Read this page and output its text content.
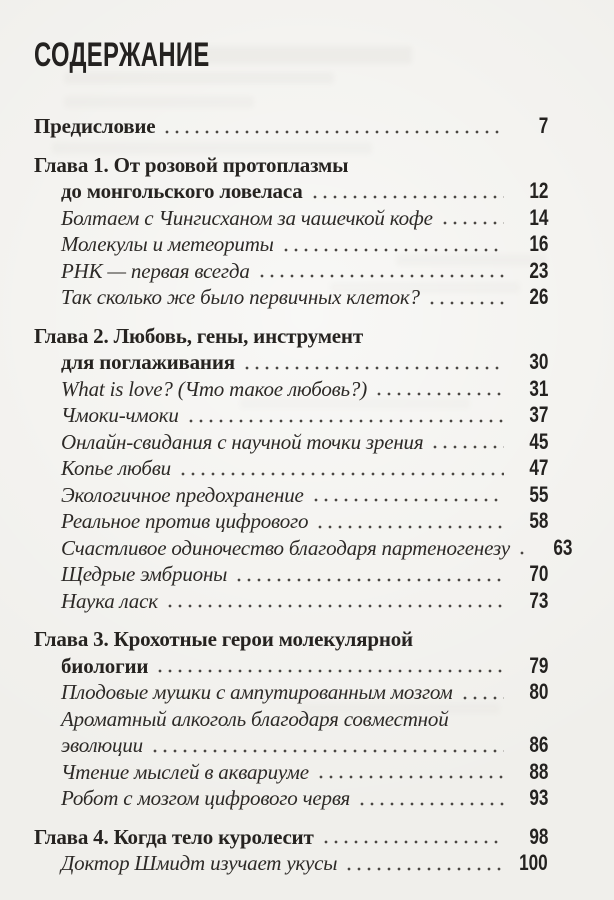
СОДЕРЖАНИЕ
Предисловие	7
Глава 1. От розовой протоплазмы
до монгольского ловеласа	12
Болтаем с Чингисханом за чашечкой кофе	14
Молекулы и метеориты	16
РНК — первая всегда	23
Так сколько же было первичных клеток?	26
Глава 2. Любовь, гены, инструмент
для поглаживания	30
What is love? (Что такое любовь?)	31
Чмоки-чмоки	37
Онлайн-свидания с научной точки зрения	45
Копье любви	47
Экологичное предохранение	55
Реальное против цифрового	58
Счастливое одиночество благодаря партеногенезу	63
Щедрые эмбрионы	70
Наука ласк	73
Глава 3. Крохотные герои молекулярной
биологии	79
Плодовые мушки с ампутированным мозгом	80
Ароматный алкоголь благодаря совместной
эволюции	86
Чтение мыслей в аквариуме	88
Робот с мозгом цифрового червя	93
Глава 4. Когда тело куролесит	98
Доктор Шмидт изучает укусы	100
